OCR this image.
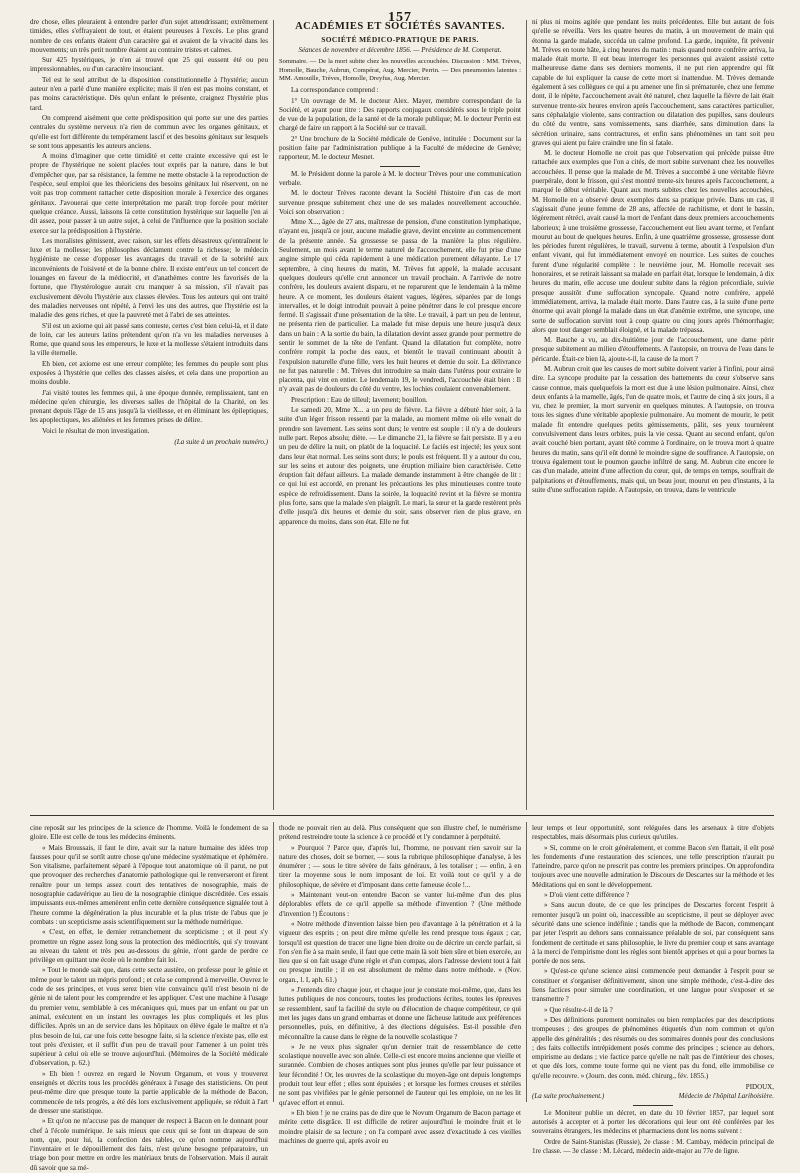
157

dre chose, elles pleuraient à entendre parler d'un sujet attendrissant; extrêmement timides, elles s'effrayaient de tout, et étaient peureuses à l'excès. Le plus grand nombre de ces enfants étaient d'un caractère gai et avaient de la vivacité dans les mouvements; un très petit nombre étaient au contraire tristes et calmes.

Sur 425 hystériques, je n'en ai trouvé que 25 qui eussent été ou peu impressionnables, ou d'un caractère insouciant.

Tel est le seul attribut de la disposition constitutionnelle à l'hystérie; aucun auteur n'en a parlé d'une manière explicite; mais il n'en est pas moins constant, et pas moins caractéristique. Dès qu'un enfant le présente, craignez l'hystérie plus tard.

On comprend aisément que cette prédisposition qui porte sur une des parties centrales du système nerveux n'a rien de commun avec les organes génitaux, et qu'elle est fort différente du tempérament lascif et des besoins génitaux sur lesquels se sont tous appesantis les auteurs anciens.

A moins d'imaginer que cette timidité et cette crainte excessive qui est le propre de l'hystérique ne soient placées tout exprès par la nature, dans le but d'empêcher que, par sa résistance, la femme ne mette obstacle à la reproduction de l'espèce, seul emploi que les théoriciens des besoins génitaux lui réservent, on ne voit pas trop comment rattacher cette disposition morale à l'exercice des organes génitaux. J'avouerai que cette interprétation me paraît trop forcée pour mériter quelque créance. Aussi, laissons là cette constitution hystérique sur laquelle j'en ai dit assez, pour passer à un autre sujet, à celui de l'influence que la position sociale exerce sur la prédisposition à l'hystérie.

Les moralistes gémissent, avec raison, sur les effets désastreux qu'entraînent le luxe et la mollesse; les philosophes déclament contre la richesse; le médecin hygiéniste ne cesse d'opposer les avantages du travail et de la sobriété aux inconvénients de l'oisiveté et de la bonne chère. Il existe entr'eux un tel concert de louanges en faveur de la médiocrité, et d'anathèmes contre les favorisés de la fortune, que l'hystérologue aurait cru manquer à sa mission, s'il n'avait pas exclusivement dévolu l'hystérie aux classes élevées. Tous les auteurs qui ont traité des maladies nerveuses ont répété, à l'envi les uns des autres, que l'hystérie est la maladie des gens riches, et que la pauvreté met à l'abri de ses atteintes.

S'il est un axiome qui ait passé sans conteste, certes c'est bien celui-là, et il date de loin, car les auteurs latins prétendent qu'on n'a vu les maladies nerveuses à Rome, que quand sous les empereurs, le luxe et la mollesse s'étaient introduits dans la ville éternelle.

Eh bien, cet axiome est une erreur complète; les femmes du peuple sont plus exposées à l'hystérie que celles des classes aisées, et cela dans une proportion au moins double.

J'ai visité toutes les femmes qui, à une époque donnée, remplissaient, tant en médecine qu'en chirurgie, les diverses salles de l'hôpital de la Charité, on les prenant depuis l'âge de 15 ans jusqu'à la vieillesse, et en éliminant les épileptiques, les apoplectiques, les aliénées et les femmes prises de délire.

Voici le résultat de mon investigation.

(La suite à un prochain numéro.)
ACADÉMIES ET SOCIÉTÉS SAVANTES.
SOCIÉTÉ MÉDICO-PRATIQUE DE PARIS.
Séances de novembre et décembre 1856. — Présidence de M. Comperat.
Sommaire. — De la mort subite chez les nouvelles accouchées. Discussion : MM. Trèves, Homolle, Bauche, Aubrun, Compérat, Aug. Mercier, Perrin. — Des pneumonies latentes : MM. Amouille, Trèves, Homolle, Dreyfus, Aug. Mercier.

La correspondance comprend :

1° Un ouvrage de M. le docteur Alex. Mayer, membre correspondant de la Société, et ayant pour titre : Des rapports conjugaux considérés sous le triple point de vue de la population, de la santé et de la morale publique; M. le docteur Perrin est chargé de faire un rapport à la Société sur ce travail.

2° Une brochure de la Société médicale de Genève, intitulée : Document sur la position faite par l'administration publique à la Faculté de médecine de Genève; rapporteur, M. le docteur Mesnet.

M. le Président donne la parole à M. le docteur Trèves pour une communication verbale.

M. le docteur Trèves raconte devant la Société l'histoire d'un cas de mort survenue presque subitement chez une de ses malades nouvellement accouchée. Voici son observation :

Mme X..., âgée de 27 ans, maîtresse de pension, d'une constitution lymphatique, n'ayant eu, jusqu'à ce jour, aucune maladie grave, devint enceinte au commencement de la présente année. Sa grossesse se passa de la manière la plus régulière. Seulement, un mois avant le terme naturel de l'accouchement, elle fut prise d'une angine simple qui céda rapidement à une médication purement délayante. Le 17 septembre, à cinq heures du matin, M. Trèves fut appelé, la malade accusant quelques douleurs qu'elle crut annoncer un travail prochain. A l'arrivée de notre confrère, les douleurs avaient disparu, et ne reparurent que le lendemain à la même heure. A ce moment, les douleurs étaient vagues, légères, séparées par de longs intervalles, et le doigt introduit pouvait à peine pénétrer dans le col presque encore fermé. Il s'agissait d'une présentation de la tête. Le travail, à part un peu de lenteur, ne présenta rien de particulier. La malade fut mise depuis une heure jusqu'à deux dans un bain : A la sortie du bain, la dilatation devint assez grande pour permettre de sentir le sommet de la tête de l'enfant. Quand la dilatation fut complète, notre confrère rompit la poche des eaux, et bientôt le travail continuant aboutit à l'expulsion naturelle d'une fille, vers les huit heures et demie du soir. La délivrance ne fut pas naturelle : M. Trèves dut introduire sa main dans l'utérus pour extraire le placenta, qui vint en entier. Le lendemain 19, le vendredi, l'accouchée était bien : Il n'y avait pas de douleurs du côté du ventre, les lochies coulaient convenablement.

Prescription : Eau de tilleul; lavement; bouillon.

Le samedi 20, Mme X... a un peu de fièvre. La fièvre a débuté hier soir, à la suite d'un léger frisson ressenti par la malade, au moment même où elle venait de prendre son lavement. Les seins sont durs; le ventre est souple : il n'y a de douleurs nulle part. Repos absolu; diète. — Le dimanche 21, la fièvre se fait persiste. Il y a eu un peu de délire la nuit, on platôt de la loquacité. Le faciès est injecté; les yeux sont dans leur état normal. Les seins sont durs; le pouls est fréquent. Il y a autour du cou, sur les seins et autour des poignets, une éruption miliaire bien caractérisée. Cette éruption fait défaut ailleurs. La malade demande instamment à être changée de lit : ce qui lui est accordé, en prenant les précautions les plus minutieuses contre toute espèce de refroidissement. Dans la soirée, la loquacité revint et la fièvre se montra plus forte, sans que la malade s'en plaignît. Le mari, la sœur et la garde restèrent près d'elle jusqu'à dix heures et demie du soir, sans observer rien de plus grave, en apparence du moins, dans son état. Elle ne fut

ni plus ni moins agitée que pendant les nuits précédentes. Elle but autant de fois qu'elle se réveilla. Vers les quatre heures du matin, à un mouvement de main qui étonna la garde malade, succéda un calme profond. La garde, inquiète, fit prévenir M. Trèves en toute hâte, à cinq heures du matin : mais quand notre confrère arriva, la malade était morte. Il eut beau interroger les personnes qui avaient assisté cette malheureuse dame dans ses derniers moments, il ne put rien apprendre qui fût capable de lui expliquer la cause de cette mort si inattendue. M. Trèves demande également à ses collègues ce qui a pu amener une fin si prématurée, chez une femme dont, il le répète, l'accouchement avait été naturel, chez laquelle la fièvre de lait était survenue trente-six heures environ après l'accouchement, sans caractères particulier, sans céphalalgie violente, sans contraction ou dilatation des pupilles, sans douleurs du côté du ventre, sans vomissements, sans diarrhée, sans diminution dans la sécrétion urinaire, sans contractures, et enfin sans phénomènes un tant soit peu graves qui aient pu faire craindre une fin si fatale.

M. le docteur Homolle ne croit pas que l'observation qui précède puisse être rattachée aux exemples que l'on a cités, de mort subite survenant chez les nouvelles accouchées. Il pense que la malade de M. Trèves a succombé à une véritable fièvre puerpérale, dont le frisson, qui s'est montré trente-six heures après l'accouchement, a marqué le début véritable. Quant aux morts subites chez les nouvelles accouchées, M. Homolle en a observé deux exemples dans sa pratique privée. Dans un cas, il s'agissait d'une jeune femme de 28 ans, affectée de rachitisme, et dont le bassin, légèrement rétréci, avait causé la mort de l'enfant dans deux premiers accouchements laborieux; à une troisième grossesse, l'accouchement eut lieu avant terme, et l'enfant mourut au bout de quelques heures. Enfin, à une quatrième grossesse, grossesse dont les périodes furent régulières, le travail, survenu à terme, aboutit à l'expulsion d'un enfant vivant, qui fut immédiatement envoyé en nourrice. Les suites de couches furent d'une régularité complète : le neuvième jour, M. Homolle recevait ses honoraires, et se retirait laissant sa malade en parfait état, lorsque le lendemain, à dix heures du matin, elle accuse une douleur subite dans la région précordiale, suivie presque aussitôt d'une suffocation syncopale. Quand notre confrère, appelé immédiatement, arriva, la malade était morte. Dans l'autre cas, à la suite d'une perte énorme qui avait plongé la malade dans un état d'anémie extrême, une syncope, une sorte de suffocation survint tout à coup quatre ou cinq jours après l'hémorrhagie; alors que tout danger semblait éloigné, et la malade trépassa.

M. Bauche a vu, au dix-huitième jour de l'accouchement, une dame périr presque subitement au milieu d'étouffements. A l'autopsie, on trouva de l'eau dans le péricarde. Était-ce bien là, ajoute-t-il, la cause de la mort ?

M. Aubrun croit que les causes de mort subite doivent varier à l'infini, pour ainsi dire. La syncope produite par la cessation des battements du cœur s'observe sans cause connue, mais quelquefois la mort est due à une lésion pulmonaire. Ainsi, chez deux enfants à la mamelle, âgés, l'un de quatre mois, et l'autre de cinq à six jours, il a vu, chez le premier, la mort survenir en quelques minutes. A l'autopsie, on trouva tous les signes d'une véritable apoplexie pulmonaire. Au moment de mourir, le petit malade fit entendre quelques petits gémissements, pâlit, ses yeux tournèrent convulsivement dans leurs orbites, puis la vie cessa. Quant au second enfant, qu'on avait couché bien portant, ayant têté comme à l'ordinaire, on le trouva mort à quatre heures du matin, sans qu'il eût donné le moindre signe de souffrance. A l'autopsie, on trouva également tout le poumon gauche infiltré de sang. M. Aubrun cite encore le cas d'un malade, atteint d'une affection du cœur, qui, de temps en temps, souffrait de palpitations et d'étouffements, mais qui, un beau jour, mourut en peu d'instants, à la suite d'une suffocation rapide. A l'autopsie, on trouva, dans le ventricule

cine reposât sur les principes de la science de l'homme. Voilà le fondement de sa gloire. Elle est celle de tous les médecins éminents.

« Mais Broussais, il faut le dire, avait sur la nature humaine des idées trop fausses pour qu'il se sortît autre chose qu'une médecine systématique et éphémère. Son vitalisme, parfaitement séparé à l'époque tout anatomique où il parut, ne put que provoquer des recherches d'anatomie pathologique qui le renverseront et firent renaître pour un temps assez court des tentatives de nosographie, mais de nosographie cadavérique au lieu de la nosographie clinique discréditée. Ces essais impuissants eux-mêmes amenèrent enfin cette dernière conséquence signalée tout à l'heure comme la dégénération la plus incurable et la plus triste de l'abus que je combats : un scepticisme assis scientifiquement sur la méthode numérique.

« C'est, en effet, le dernier retranchement du scepticisme ; et il peut s'y promettre un règne assez long sous la protection des médiocrités, qui s'y trouvant au niveau du talent et très peu au-dessous du génie, n'ont garde de perdre ce privilège en quittant une école où le nombre fait loi.

» Tout le monde sait que, dans cette secte austère, on professe pour le génie et même pour le talent un mépris profond ; et cela se comprend à merveille. Ouvrez le code de ses principes, et vous serez bien vite convaincu qu'il n'est besoin ni de génie ni de talent pour les comprendre et les appliquer. C'est une machine à l'usage du premier venu, semblable à ces mécaniques qui, mues par un enfant ou par un animal, exécutent en un instant les ouvrages les plus compliqués et les plus difficiles. Après un an de service dans les hôpitaux on élève égale le maître et n'a plus besoin de lui, car une fois cette besogne faite, si la science n'existe pas, elle est tout près d'exister, et il suffit d'un peu de travail pour l'amener à un point très supérieur à celui où elle se trouve aujourd'hui. (Mémoires de la Société médicale d'observation, p. 62.)

» Eh bien ! ouvrez en regard le Novum Organum, et vous y trouverez enseignés et décrits tous les procédés généraux à l'usage des statisticiens. On peut peut-même dire que presque toute la partie applicable de la méthode de Bacon, commencée de tels progrès, a été dès lors exclusivement appliquée, se réduit à l'art de dresser une statistique.

» Et qu'on ne m'accuse pas de manquer de respect à Bacon en le donnant pour chef à l'école numérique. Je sais mieux que ceux qui se font un drapeau de son nom, que, pour lui, la confection des tables, ce qu'on nomme aujourd'hui l'inventaire et le dépouillement des faits, n'est qu'une besogne préparatoire, un triage bon pour mettre en ordre les matériaux bruts de l'observation. Mais il aurait dû savoir que sa mé-

thode ne pouvait rien au delà. Plus conséquent que son illustre chef, le numérisme prétend restreindre toute la science à ce procédé et l'y condamner à perpétuité.

» Pourquoi ? Parce que, d'après lui, l'homme, ne pouvant rien savoir sur la nature des choses, doit se borner, — sous la rubrique philosophique d'analyse, à les énumérer ; — sous le titre sévère de faits généraux, à les totaliser ; — enfin, à en tirer la moyenne sous le nom imposant de loi. Et voilà tout ce qu'il y a de philosophique, de sévère et d'imposant dans cette fameuse école !...

» Maintenant veut-on entendre Bacon se vanter lui-même d'un des plus déplorables effets de ce qu'il appelle sa méthode d'invention ? (Une méthode d'invention !) Écoutons :

« Notre méthode d'invention laisse bien peu d'avantage à la pénétration et à la vigueur des esprits ; on peut dire même qu'elle les rend presque tous égaux ; car, lorsqu'il est question de tracer une ligne bien droite ou de décrire un cercle parfait, si l'on s'en fie à sa main seule, il faut que cette main là soit bien sûre et bien exercée, au lieu que si on fait usage d'une règle et d'un compas, alors l'adresse devient tout à fait ou presque inutile ; il en est absolument de même dans notre méthode. » (Nov. organ., l. I, aph. 61.)

» J'entends dire chaque jour, et chaque jour je constate moi-même, que, dans les luttes publiques de nos concours, toutes les productions écrites, toutes les épreuves se ressemblent, sauf la facilité du style ou d'élocution de chaque compétiteur, ce qui met les juges dans un grand embarras et donne une fâcheuse latitude aux préférences personnelles, puis, en définitive, à des élections déguisées. Est-il possible d'en méconnaître la cause dans le règne de la nouvelle scolastique ?

» Je ne veux plus signaler qu'un dernier trait de ressemblance de cette scolastique nouvelle avec son aînée. Celle-ci est encore moins ancienne que vieille et surannée. Combien de choses antiques sont plus jeunes qu'elle par leur puissance et leur fécondité ! Or, les œuvres de la scolastique du moyen-âge ont depuis longtemps produit tout leur effet ; elles sont épuisées ; et lorsque les formes creuses et stériles ne sont pas vivifiées par le génie personnel de l'auteur qui les emploie, on ne les lit qu'avec effort et ennui.

» Eh bien ! je ne crains pas de dire que le Novum Organum de Bacon partage et mérite cette disgrâce. Il est difficile de retirer aujourd'hui le moindre fruit et le moindre plaisir de sa lecture ; on l'a comparé avec assez d'exactitude à ces vieilles machines de guerre qui, après avoir eu

leur temps et leur opportunité, sont reléguées dans les arsenaux à titre d'objets respectables, mais désormais plus curieux qu'utiles.

» Si, comme on le croit généralement, et comme Bacon s'en flattait, il eût posé les fondements d'une restauration des sciences, une telle prescription n'aurait pu l'atteindre, parce qu'on ne prescrit pas contre les premiers principes. On approfondira toujours avec une nouvelle admiration le Discours de Descartes sur la méthode et les Méditations qui en sont le développement.

» D'où vient cette différence ?

» Sans aucun doute, de ce que les principes de Descartes forcent l'esprit à remonter jusqu'à un point où, inaccessible au scepticisme, il peut se déployer avec sécurité dans une science indéfinie ; tandis que la méthode de Bacon, commençant par jeter l'esprit au dehors sans connaissance préalable de soi, par conséquent sans fondement de certitude et sans philosophie, le livre du premier coup et sans avantage à la merci de l'empirisme dont les règles sont bientôt apprises et qui a pour bornes la portée de nos sens.

» Qu'est-ce qu'une science ainsi commencée peut demander à l'esprit pour se constituer et s'organiser définitivement, sinon une simple méthode, c'est-à-dire des liens factices pour simuler une coordination, et une langue pour s'exposer et se transmettre ?

» Que résulte-t-il de là ?

» Des définitions purement nominales ou bien remplacées par des descriptions trompeuses ; des groupes de phénomènes étiquetés d'un nom commun et qu'on appelle des généralités ; des résumés ou des sommaires donnés pour des conclusions ; des faits collectifs intrépidement posés comme des principes ; science au dehors, empirisme au dedans ; vie factice parce qu'elle ne naît pas de l'intérieur des choses, et que dès lors, comme toute forme qui ne vient pas du fond, elle immobilise ce qu'elle recouvre. » (Journ. des conn. méd. chirurg., fév. 1855.)

PIDOUX,
(La suite prochainement.)	Médecin de l'hôpital Lariboisière.

Le Moniteur publie un décret, en date du 10 février 1857, par lequel sont autorisés à accepter et à porter les décorations qui leur ont été conférées par les souverains étrangers, les médecins et pharmaciens dont les noms suivent :

Ordre de Saint-Stanislas (Russie), 2e classe : M. Cambay, médecin principal de 1re classe. — 3e classe : M. Lécard, médecin aide-major au 77e de ligne.
